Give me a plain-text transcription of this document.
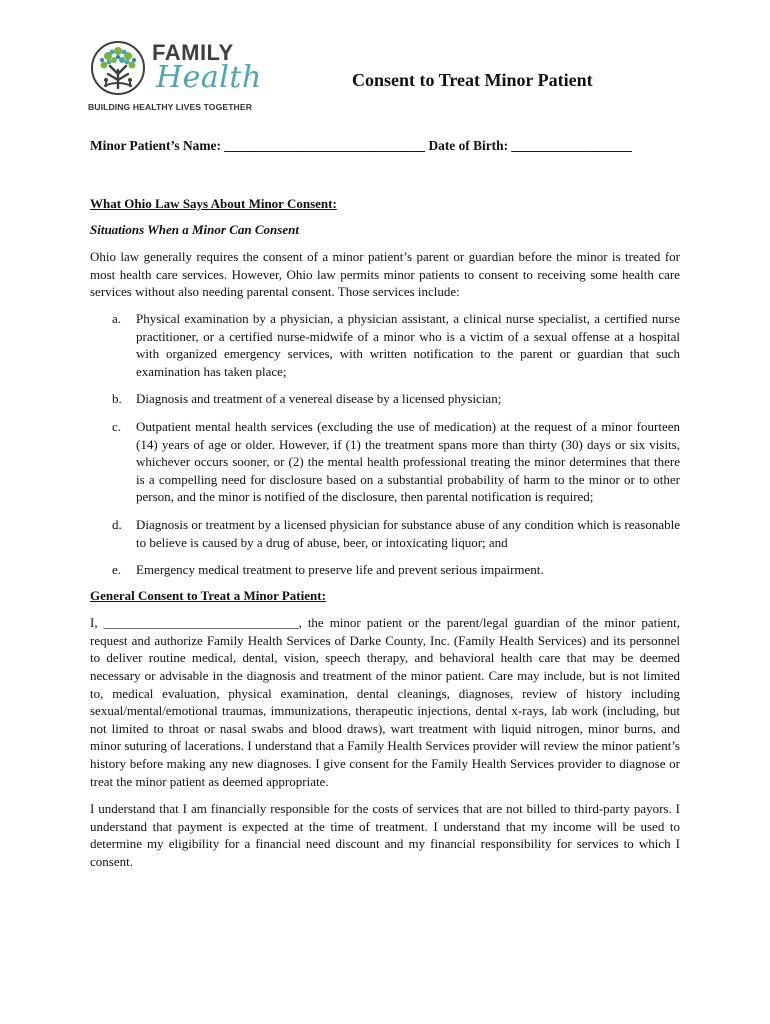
FAMILY
Health
BUILDING HEALTHY LIVES TOGETHER
Consent to Treat Minor Patient
Minor Patient’s Name: ______________________________ Date of Birth: __________________

What Ohio Law Says About Minor Consent:

Situations When a Minor Can Consent

Ohio law generally requires the consent of a minor patient’s parent or guardian before the minor is treated for most health care services. However, Ohio law permits minor patients to consent to receiving some health care services without also needing parental consent. Those services include:

a. Physical examination by a physician, a physician assistant, a clinical nurse specialist, a certified nurse practitioner, or a certified nurse-midwife of a minor who is a victim of a sexual offense at a hospital with organized emergency services, with written notification to the parent or guardian that such examination has taken place;
b. Diagnosis and treatment of a venereal disease by a licensed physician;
c. Outpatient mental health services (excluding the use of medication) at the request of a minor fourteen (14) years of age or older. However, if (1) the treatment spans more than thirty (30) days or six visits, whichever occurs sooner, or (2) the mental health professional treating the minor determines that there is a compelling need for disclosure based on a substantial probability of harm to the minor or to other person, and the minor is notified of the disclosure, then parental notification is required;
d. Diagnosis or treatment by a licensed physician for substance abuse of any condition which is reasonable to believe is caused by a drug of abuse, beer, or intoxicating liquor; and
e. Emergency medical treatment to preserve life and prevent serious impairment.

General Consent to Treat a Minor Patient:

I, ______________________________, the minor patient or the parent/legal guardian of the minor patient, request and authorize Family Health Services of Darke County, Inc. (Family Health Services) and its personnel to deliver routine medical, dental, vision, speech therapy, and behavioral health care that may be deemed necessary or advisable in the diagnosis and treatment of the minor patient. Care may include, but is not limited to, medical evaluation, physical examination, dental cleanings, diagnoses, review of history including sexual/mental/emotional traumas, immunizations, therapeutic injections, dental x-rays, lab work (including, but not limited to throat or nasal swabs and blood draws), wart treatment with liquid nitrogen, minor burns, and minor suturing of lacerations. I understand that a Family Health Services provider will review the minor patient’s history before making any new diagnoses. I give consent for the Family Health Services provider to diagnose or treat the minor patient as deemed appropriate.

I understand that I am financially responsible for the costs of services that are not billed to third-party payors. I understand that payment is expected at the time of treatment. I understand that my income will be used to determine my eligibility for a financial need discount and my financial responsibility for services to which I consent.
